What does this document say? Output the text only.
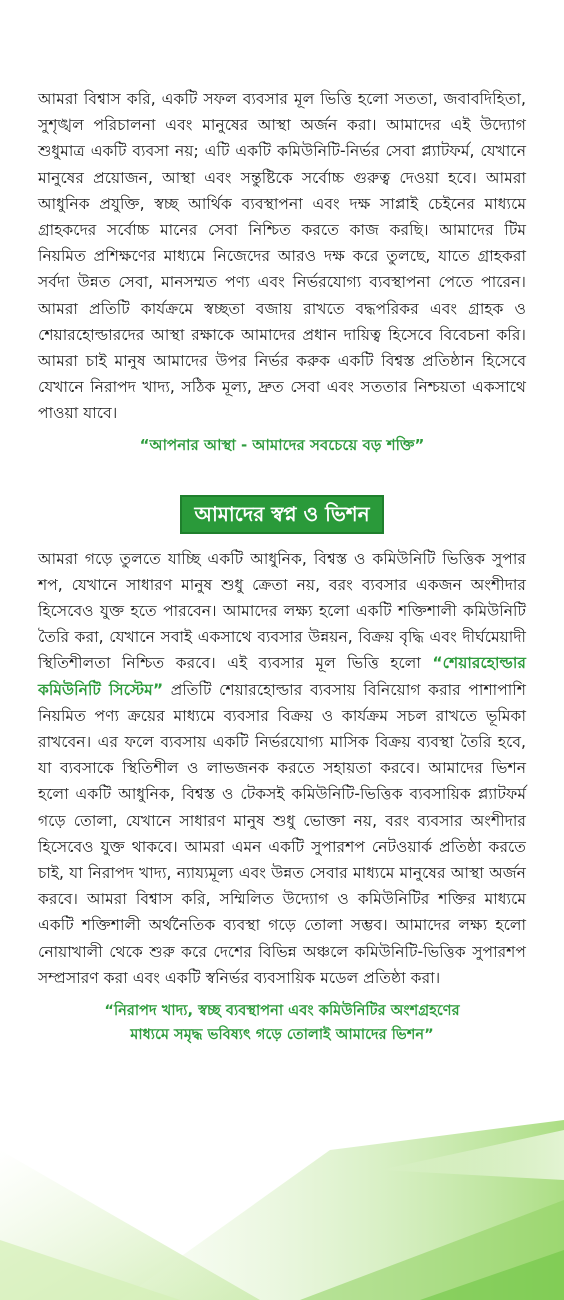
আমরা বিশ্বাস করি, একটি সফল ব্যবসার মূল ভিত্তি হলো সততা, জবাবদিহিতা, সুশৃঙ্খল পরিচালনা এবং মানুষের আস্থা অর্জন করা। আমাদের এই উদ্যোগ শুধুমাত্র একটি ব্যবসা নয়; এটি একটি কমিউনিটি-নির্ভর সেবা প্ল্যাটফর্ম, যেখানে মানুষের প্রয়োজন, আস্থা এবং সন্তুষ্টিকে সর্বোচ্চ গুরুত্ব দেওয়া হবে। আমরা আধুনিক প্রযুক্তি, স্বচ্ছ আর্থিক ব্যবস্থাপনা এবং দক্ষ সাপ্লাই চেইনের মাধ্যমে গ্রাহকদের সর্বোচ্চ মানের সেবা নিশ্চিত করতে কাজ করছি। আমাদের টিম নিয়মিত প্রশিক্ষণের মাধ্যমে নিজেদের আরও দক্ষ করে তুলছে, যাতে গ্রাহকরা সর্বদা উন্নত সেবা, মানসম্মত পণ্য এবং নির্ভরযোগ্য ব্যবস্থাপনা পেতে পারেন। আমরা প্রতিটি কার্যক্রমে স্বচ্ছতা বজায় রাখতে বদ্ধপরিকর এবং গ্রাহক ও শেয়ারহোল্ডারদের আস্থা রক্ষাকে আমাদের প্রধান দায়িত্ব হিসেবে বিবেচনা করি। আমরা চাই মানুষ আমাদের উপর নির্ভর করুক একটি বিশ্বস্ত প্রতিষ্ঠান হিসেবে যেখানে নিরাপদ খাদ্য, সঠিক মূল্য, দ্রুত সেবা এবং সততার নিশ্চয়তা একসাথে পাওয়া যাবে।

“আপনার আস্থা - আমাদের সবচেয়ে বড় শক্তি”

আমাদের স্বপ্ন ও ভিশন

আমরা গড়ে তুলতে যাচ্ছি একটি আধুনিক, বিশ্বস্ত ও কমিউনিটি ভিত্তিক সুপার শপ, যেখানে সাধারণ মানুষ শুধু ক্রেতা নয়, বরং ব্যবসার একজন অংশীদার হিসেবেও যুক্ত হতে পারবেন। আমাদের লক্ষ্য হলো একটি শক্তিশালী কমিউনিটি তৈরি করা, যেখানে সবাই একসাথে ব্যবসার উন্নয়ন, বিক্রয় বৃদ্ধি এবং দীর্ঘমেয়াদী স্থিতিশীলতা নিশ্চিত করবে। এই ব্যবসার মূল ভিত্তি হলো “শেয়ারহোল্ডার কমিউনিটি সিস্টেম” প্রতিটি শেয়ারহোল্ডার ব্যবসায় বিনিয়োগ করার পাশাপাশি নিয়মিত পণ্য ক্রয়ের মাধ্যমে ব্যবসার বিক্রয় ও কার্যক্রম সচল রাখতে ভূমিকা রাখবেন। এর ফলে ব্যবসায় একটি নির্ভরযোগ্য মাসিক বিক্রয় ব্যবস্থা তৈরি হবে, যা ব্যবসাকে স্থিতিশীল ও লাভজনক করতে সহায়তা করবে। আমাদের ভিশন হলো একটি আধুনিক, বিশ্বস্ত ও টেকসই কমিউনিটি-ভিত্তিক ব্যবসায়িক প্ল্যাটফর্ম গড়ে তোলা, যেখানে সাধারণ মানুষ শুধু ভোক্তা নয়, বরং ব্যবসার অংশীদার হিসেবেও যুক্ত থাকবে। আমরা এমন একটি সুপারশপ নেটওয়ার্ক প্রতিষ্ঠা করতে চাই, যা নিরাপদ খাদ্য, ন্যায্যমূল্য এবং উন্নত সেবার মাধ্যমে মানুষের আস্থা অর্জন করবে। আমরা বিশ্বাস করি, সম্মিলিত উদ্যোগ ও কমিউনিটির শক্তির মাধ্যমে একটি শক্তিশালী অর্থনৈতিক ব্যবস্থা গড়ে তোলা সম্ভব। আমাদের লক্ষ্য হলো নোয়াখালী থেকে শুরু করে দেশের বিভিন্ন অঞ্চলে কমিউনিটি-ভিত্তিক সুপারশপ সম্প্রসারণ করা এবং একটি স্বনির্ভর ব্যবসায়িক মডেল প্রতিষ্ঠা করা।

“নিরাপদ খাদ্য, স্বচ্ছ ব্যবস্থাপনা এবং কমিউনিটির অংশগ্রহণের
মাধ্যমে সমৃদ্ধ ভবিষ্যৎ গড়ে তোলাই আমাদের ভিশন”
